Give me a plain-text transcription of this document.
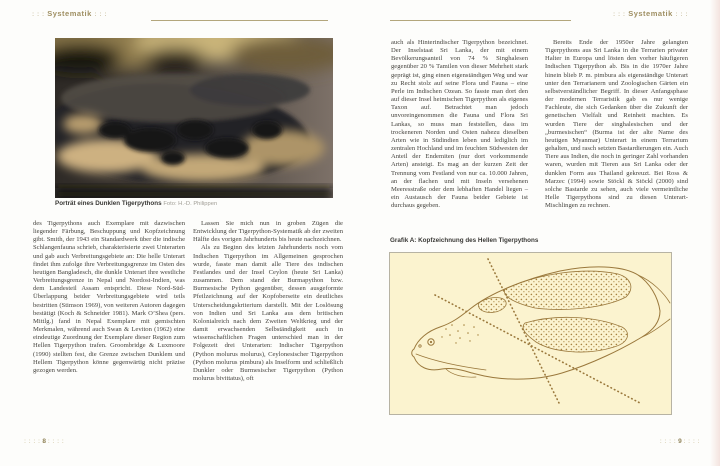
: : : Systematik : : :
Porträt eines Dunklen Tigerpythons Foto: H.-D. Philippen

des Tigerpythons auch Exemplare mit dazwischen liegender Färbung, Beschuppung und Kopfzeichnung gibt. Smith, der 1943 ein Standardwerk über die indische Schlangenfauna schrieb, charakterisierte zwei Unterarten und gab auch Verbreitungsgebiete an: Die helle Unterart findet ihm zufolge ihre Verbreitungsgrenze im Osten des heutigen Bangladesch, die dunkle Unterart ihre westliche Verbreitungsgrenze in Nepal und Nordost-Indien, was dem Landesteil Assam entspricht. Diese Nord-Süd-Überlappung beider Verbreitungsgebiete wird teils bestritten (Stimson 1969), von weiteren Autoren dagegen bestätigt (Koch & Schneider 1981). Mark O’Shea (pers. Mittlg.) fand in Nepal Exemplare mit gemischten Merkmalen, während auch Swan & Leviton (1962) eine eindeutige Zuordnung der Exemplare dieser Region zum Hellen Tigerpython trafen. Groombridge & Luxmoore (1990) stellten fest, die Grenze zwischen Dunklem und Hellem Tigerpython könne gegenwärtig nicht präzise gezogen werden.

Lassen Sie mich nun in groben Zügen die Entwicklung der Tigerpython-Systematik ab der zweiten Hälfte des vorigen Jahrhunderts bis heute nachzeichnen.

Als zu Beginn des letzten Jahrhunderts noch vom Indischen Tigerpython im Allgemeinen gesprochen wurde, fasste man damit alle Tiere des indischen Festlandes und der Insel Ceylon (heute Sri Lanka) zusammen. Dem stand der Burmapython bzw. Burmesische Python gegenüber, dessen ausgeformte Pfeilzeichnung auf der Kopfoberseite ein deutliches Unterscheidungskriterium darstellt. Mit der Loslösung von Indien und Sri Lanka aus dem britischen Kolonialreich nach dem Zweiten Weltkrieg und der damit erwachsenden Selbständigkeit auch in wissenschaftlichen Fragen unterschied man in der Folgezeit drei Unterarten: Indischer Tigerpython (Python molurus molurus), Ceylonesischer Tigerpython (Python molurus pimbura) als Inselform und schließlich Dunkler oder Burmesischer Tigerpython (Python molurus bivittatus), oft

: : : : 8 : : : :
: : : Systematik : : :

auch als Hinterindischer Tigerpython bezeichnet. Der Inselstaat Sri Lanka, der mit einem Bevölkerungsanteil von 74 % Singhalesen gegenüber 20 % Tamilen von dieser Mehrheit stark geprägt ist, ging einen eigenständigen Weg und war zu Recht stolz auf seine Flora und Fauna – eine Perle im Indischen Ozean. So fasste man dort den auf dieser Insel heimischen Tigerpython als eigenes Taxon auf. Betrachtet man jedoch unvoreingenommen die Fauna und Flora Sri Lankas, so muss man feststellen, dass im trockeneren Norden und Osten nahezu dieselben Arten wie in Südindien leben und lediglich im zentralen Hochland und im feuchten Südwesten der Anteil der Endemiten (nur dort vorkommende Arten) ansteigt. Es mag an der kurzen Zeit der Trennung vom Festland von nur ca. 10.000 Jahren, an der flachen und mit Inseln versehenen Meeresstraße oder dem lebhaften Handel liegen – ein Austausch der Fauna beider Gebiete ist durchaus gegeben.

Bereits Ende der 1950er Jahre gelangten Tigerpythons aus Sri Lanka in die Terrarien privater Halter in Europa und lösten den vorher häufigeren Indischen Tigerpython ab. Bis in die 1970er Jahre hinein blieb P. m. pimbura als eigenständige Unterart unter den Terrarianern und Zoologischen Gärten ein selbstverständlicher Begriff. In dieser Anfangsphase der modernen Terraristik gab es nur wenige Fachleute, die sich Gedanken über die Zukunft der genetischen Vielfalt und Reinheit machten. Es wurden Tiere der singhalesischen und der „burmesischen“ (Burma ist der alte Name des heutigen Myanmar) Unterart in einem Terrarium gehalten, und rasch setzten Bastardierungen ein. Auch Tiere aus Indien, die noch in geringer Zahl vorhanden waren, wurden mit Tieren aus Sri Lanka oder der dunklen Form aus Thailand gekreuzt. Bei Ross & Marzec (1994) sowie Stöckl & Stöckl (2000) sind solche Bastarde zu sehen, auch viele vermeintliche Helle Tigerpythons sind zu diesen Unterart-Mischlingen zu rechnen.

Grafik A: Kopfzeichnung des Hellen Tigerpythons
: : : : 9 : : : :
